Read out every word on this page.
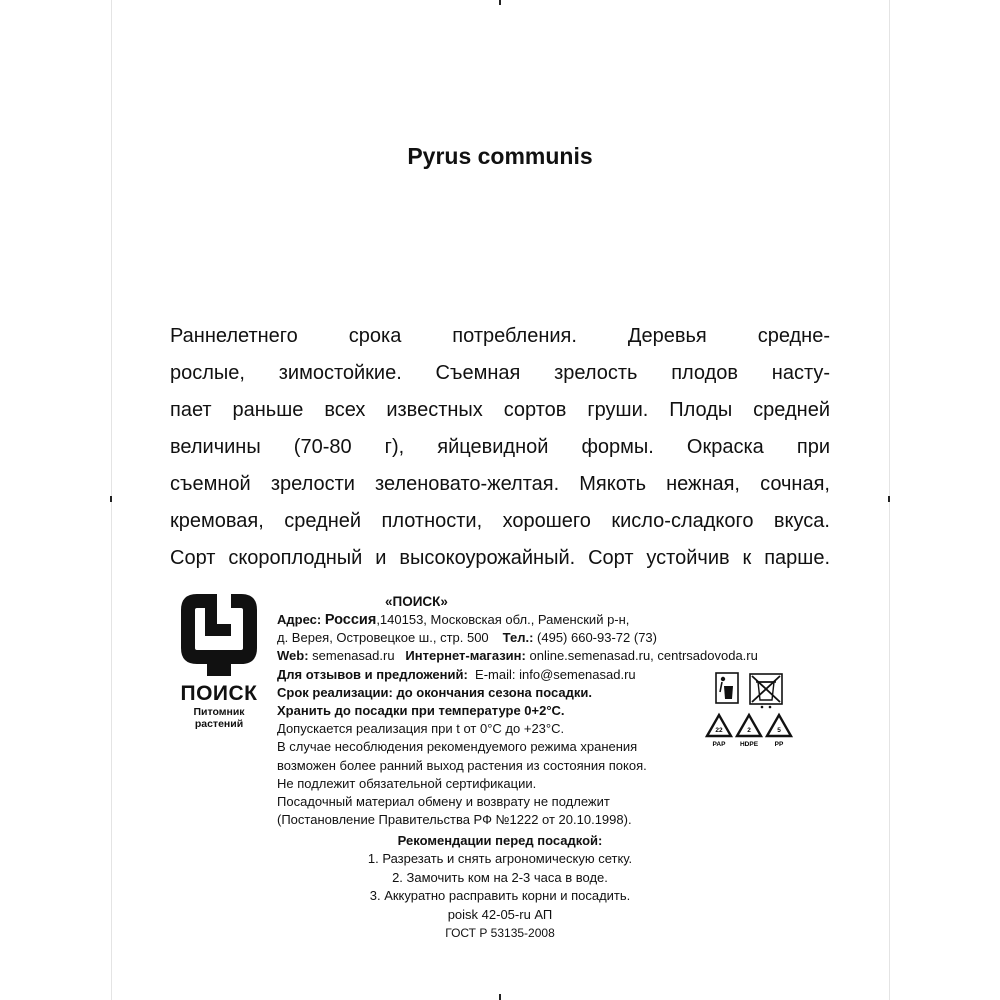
Pyrus communis
Раннелетнего срока потребления. Деревья средне-
рослые, зимостойкие. Съемная зрелость плодов насту-
пает раньше всех известных сортов груши. Плоды средней
величины (70-80 г), яйцевидной формы. Окраска при
съемной зрелости зеленовато-желтая. Мякоть нежная, сочная,
кремовая, средней плотности, хорошего кисло-сладкого вкуса.
Сорт скороплодный и высокоурожайный. Сорт устойчив к парше.
ПОИСК
Питомник
растений
«ПОИСК»
Адрес: Россия,140153, Московская обл., Раменский р-н,
д. Верея, Островецкое ш., стр. 500 Тел.: (495) 660-93-72 (73)
Web: semenasad.ru Интернет-магазин: online.semenasad.ru, centrsadovoda.ru
Для отзывов и предложений: E-mail: info@semenasad.ru
Срок реализации: до окончания сезона посадки.
Хранить до посадки при температуре 0+2°С.
Допускается реализация при t от 0°С до +23°С.
В случае несоблюдения рекомендуемого режима хранения
возможен более ранний выход растения из состояния покоя.
Не подлежит обязательной сертификации.
Посадочный материал обмену и возврату не подлежит
(Постановление Правительства РФ №1222 от 20.10.1998).
22
PAP
2
HDPE
5
PP
Рекомендации перед посадкой:
1. Разрезать и снять агрономическую сетку.
2. Замочить ком на 2-3 часа в воде.
3. Аккуратно расправить корни и посадить.
poisk 42-05-ru АП
ГОСТ Р 53135-2008
